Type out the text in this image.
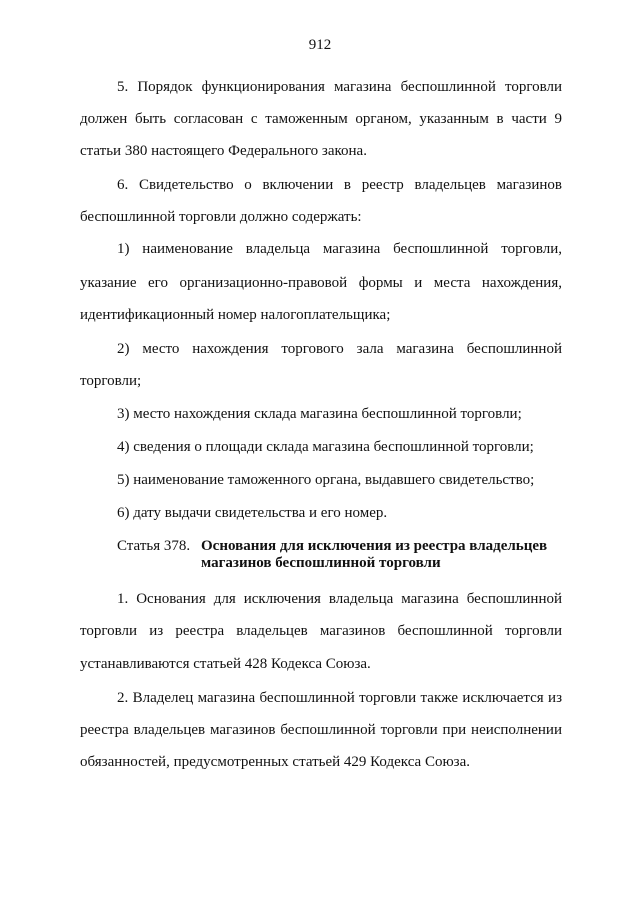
912
5. Порядок функционирования магазина беспошлинной торговли
должен быть согласован с таможенным органом, указанным в части 9
статьи 380 настоящего Федерального закона.
6. Свидетельство о включении в реестр владельцев магазинов
беспошлинной торговли должно содержать:
1) наименование владельца магазина беспошлинной торговли,
указание его организационно-правовой формы и места нахождения,
идентификационный номер налогоплательщика;
2) место нахождения торгового зала магазина беспошлинной
торговли;
3) место нахождения склада магазина беспошлинной торговли;
4) сведения о площади склада магазина беспошлинной торговли;
5) наименование таможенного органа, выдавшего свидетельство;
6) дату выдачи свидетельства и его номер.
Статья 378. Основания для исключения из реестра владельцев
магазинов беспошлинной торговли
1. Основания для исключения владельца магазина беспошлинной
торговли из реестра владельцев магазинов беспошлинной торговли
устанавливаются статьей 428 Кодекса Союза.
2. Владелец магазина беспошлинной торговли также исключается из
реестра владельцев магазинов беспошлинной торговли при неисполнении
обязанностей, предусмотренных статьей 429 Кодекса Союза.
